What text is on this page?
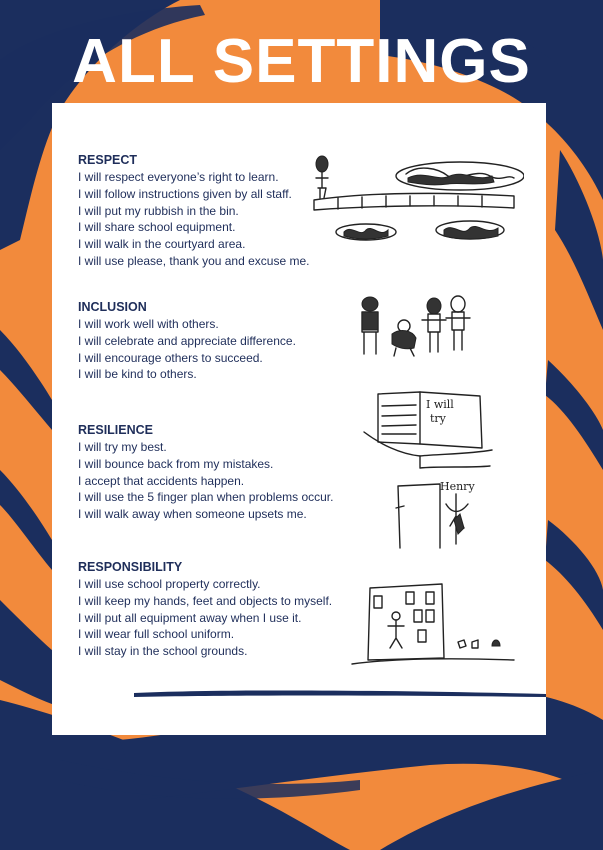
ALL SETTINGS
RESPECT
I will respect everyone’s right to learn.
I will follow instructions given by all staff.
I will put my rubbish in the bin.
I will share school equipment.
I will walk in the courtyard area.
I will use please, thank you and excuse me.
INCLUSION
I will work well with others.
I will celebrate and appreciate difference.
I will encourage others to succeed.
I will be kind to others.
RESILIENCE
I will try my best.
I will bounce back from my mistakes.
I accept that accidents happen.
I will use the 5 finger plan when problems occur.
I will walk away when someone upsets me.
RESPONSIBILITY
I will use school property correctly.
I will keep my hands, feet and objects to myself.
I will put all equipment away when I use it.
I will wear full school uniform.
I will stay in the school grounds.
I will
try
Henry
